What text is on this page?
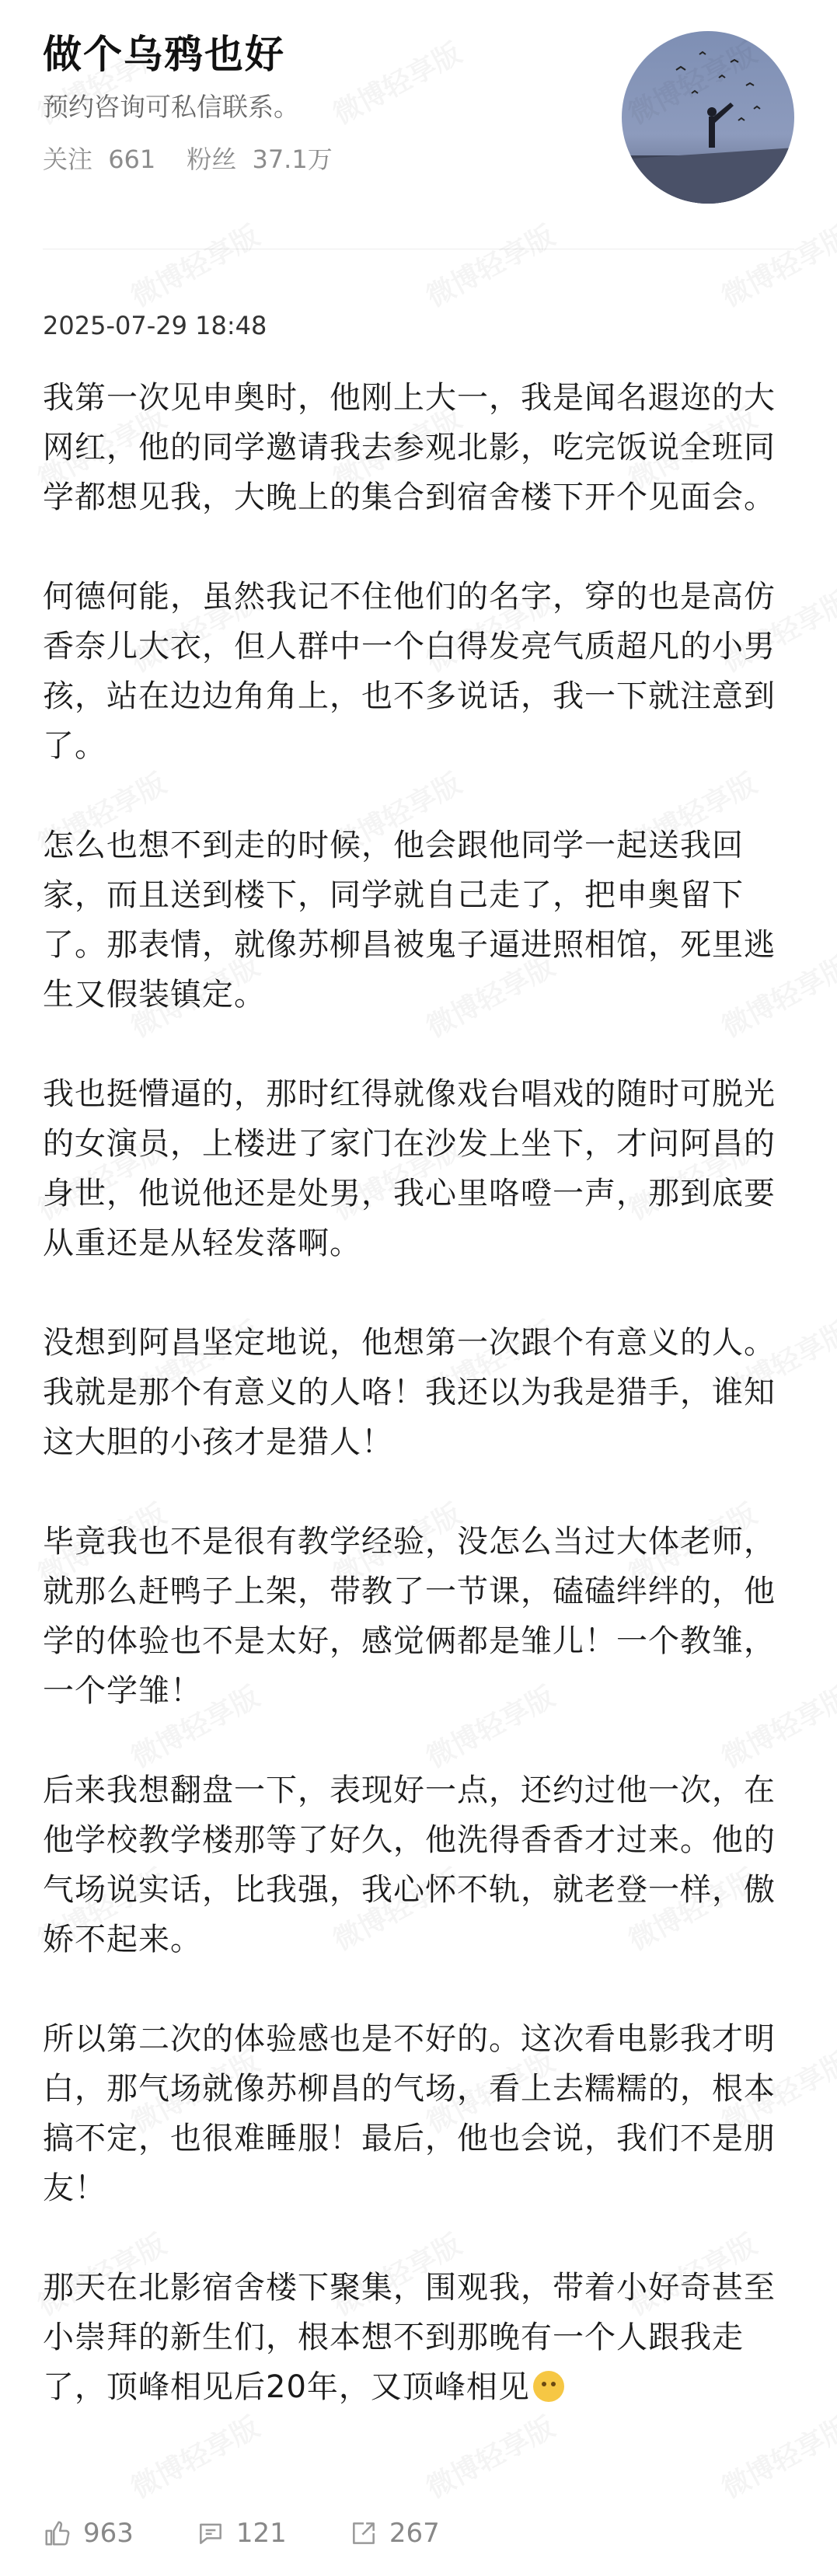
做个乌鸦也好
预约咨询可私信联系。
关注 661 粉丝 37.1万
2025-07-29 18:48

我第一次见申奥时，他刚上大一，我是闻名遐迩的大网红，他的同学邀请我去参观北影，吃完饭说全班同学都想见我，大晚上的集合到宿舍楼下开个见面会。

何德何能，虽然我记不住他们的名字，穿的也是高仿香奈儿大衣，但人群中一个白得发亮气质超凡的小男孩，站在边边角角上，也不多说话，我一下就注意到了。

怎么也想不到走的时候，他会跟他同学一起送我回家，而且送到楼下，同学就自己走了，把申奥留下了。那表情，就像苏柳昌被鬼子逼进照相馆，死里逃生又假装镇定。

我也挺懵逼的，那时红得就像戏台唱戏的随时可脱光的女演员，上楼进了家门在沙发上坐下，才问阿昌的身世，他说他还是处男，我心里咯噔一声，那到底要从重还是从轻发落啊。

没想到阿昌坚定地说，他想第一次跟个有意义的人。我就是那个有意义的人咯！我还以为我是猎手，谁知这大胆的小孩才是猎人！

毕竟我也不是很有教学经验，没怎么当过大体老师，就那么赶鸭子上架，带教了一节课，磕磕绊绊的，他学的体验也不是太好，感觉俩都是雏儿！一个教雏，一个学雏！

后来我想翻盘一下，表现好一点，还约过他一次，在他学校教学楼那等了好久，他洗得香香才过来。他的气场说实话，比我强，我心怀不轨，就老登一样，傲娇不起来。

所以第二次的体验感也是不好的。这次看电影我才明白，那气场就像苏柳昌的气场，看上去糯糯的，根本搞不定，也很难睡服！最后，他也会说，我们不是朋友！

那天在北影宿舍楼下聚集，围观我，带着小好奇甚至小崇拜的新生们，根本想不到那晚有一个人跟我走了，顶峰相见后20年，又顶峰相见

963	121	267
